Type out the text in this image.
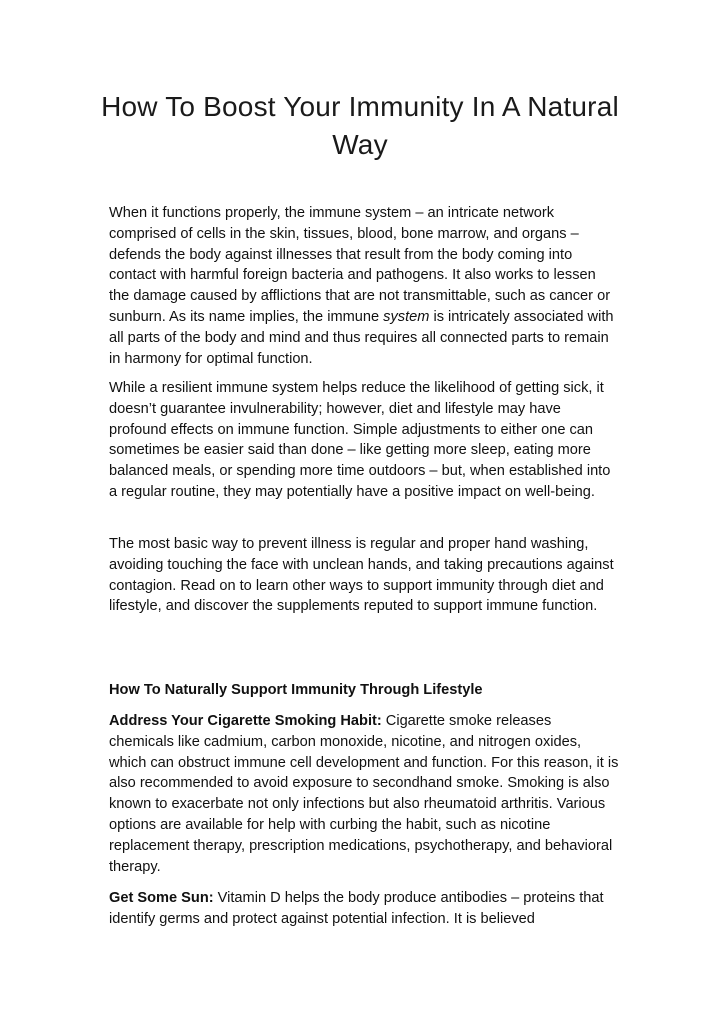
How To Boost Your Immunity In A Natural Way

When it functions properly, the immune system – an intricate network comprised of cells in the skin, tissues, blood, bone marrow, and organs – defends the body against illnesses that result from the body coming into contact with harmful foreign bacteria and pathogens. It also works to lessen the damage caused by afflictions that are not transmittable, such as cancer or sunburn. As its name implies, the immune system is intricately associated with all parts of the body and mind and thus requires all connected parts to remain in harmony for optimal function.

While a resilient immune system helps reduce the likelihood of getting sick, it doesn’t guarantee invulnerability; however, diet and lifestyle may have profound effects on immune function. Simple adjustments to either one can sometimes be easier said than done – like getting more sleep, eating more balanced meals, or spending more time outdoors – but, when established into a regular routine, they may potentially have a positive impact on well-being.

The most basic way to prevent illness is regular and proper hand washing, avoiding touching the face with unclean hands, and taking precautions against contagion. Read on to learn other ways to support immunity through diet and lifestyle, and discover the supplements reputed to support immune function.

How To Naturally Support Immunity Through Lifestyle

Address Your Cigarette Smoking Habit: Cigarette smoke releases chemicals like cadmium, carbon monoxide, nicotine, and nitrogen oxides, which can obstruct immune cell development and function. For this reason, it is also recommended to avoid exposure to secondhand smoke. Smoking is also known to exacerbate not only infections but also rheumatoid arthritis. Various options are available for help with curbing the habit, such as nicotine replacement therapy, prescription medications, psychotherapy, and behavioral therapy.

Get Some Sun: Vitamin D helps the body produce antibodies – proteins that identify germs and protect against potential infection. It is believed
